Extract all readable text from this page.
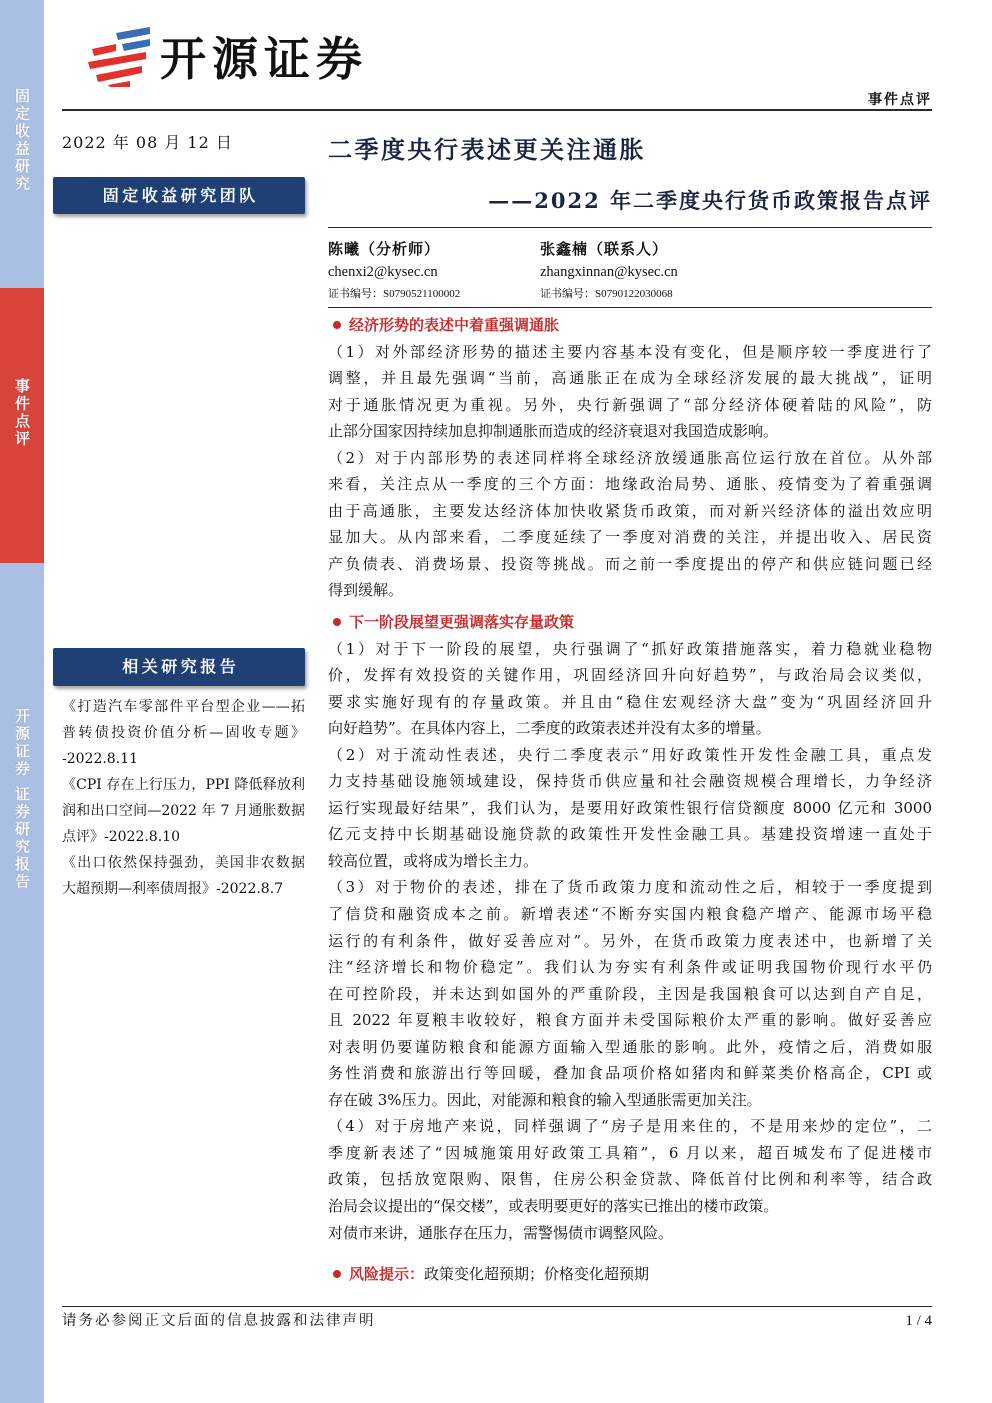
固定收益研究
事件点评
开源证券 证券研究报告
开源证券
事件点评
2022 年 08 月 12 日
固定收益研究团队
相关研究报告
《打造汽车零部件平台型企业——拓
普转债投资价值分析—固收专题》
-2022.8.11
《CPI 存在上行压力，PPI 降低释放利
润和出口空间—2022 年 7 月通胀数据
点评》-2022.8.10
《出口依然保持强劲，美国非农数据
大超预期—利率债周报》-2022.8.7
二季度央行表述更关注通胀
——2022 年二季度央行货币政策报告点评
陈曦（分析师）
chenxi2@kysec.cn
证书编号：S0790521100002
张鑫楠（联系人）
zhangxinnan@kysec.cn
证书编号：S0790122030068
经济形势的表述中着重强调通胀
（1）对外部经济形势的描述主要内容基本没有变化，但是顺序较一季度进行了
调整，并且最先强调“当前，高通胀正在成为全球经济发展的最大挑战”，证明
对于通胀情况更为重视。另外，央行新强调了“部分经济体硬着陆的风险”，防
止部分国家因持续加息抑制通胀而造成的经济衰退对我国造成影响。
（2）对于内部形势的表述同样将全球经济放缓通胀高位运行放在首位。从外部
来看，关注点从一季度的三个方面：地缘政治局势、通胀、疫情变为了着重强调
由于高通胀，主要发达经济体加快收紧货币政策，而对新兴经济体的溢出效应明
显加大。从内部来看，二季度延续了一季度对消费的关注，并提出收入、居民资
产负债表、消费场景、投资等挑战。而之前一季度提出的停产和供应链问题已经
得到缓解。
下一阶段展望更强调落实存量政策
（1）对于下一阶段的展望，央行强调了“抓好政策措施落实，着力稳就业稳物
价，发挥有效投资的关键作用，巩固经济回升向好趋势”，与政治局会议类似，
要求实施好现有的存量政策。并且由“稳住宏观经济大盘”变为“巩固经济回升
向好趋势”。在具体内容上，二季度的政策表述并没有太多的增量。
（2）对于流动性表述，央行二季度表示“用好政策性开发性金融工具，重点发
力支持基础设施领域建设，保持货币供应量和社会融资规模合理增长，力争经济
运行实现最好结果”，我们认为，是要用好政策性银行信贷额度 8000 亿元和 3000
亿元支持中长期基础设施贷款的政策性开发性金融工具。基建投资增速一直处于
较高位置，或将成为增长主力。
（3）对于物价的表述，排在了货币政策力度和流动性之后，相较于一季度提到
了信贷和融资成本之前。新增表述“不断夯实国内粮食稳产增产、能源市场平稳
运行的有利条件，做好妥善应对”。另外，在货币政策力度表述中，也新增了关
注“经济增长和物价稳定”。我们认为夯实有利条件或证明我国物价现行水平仍
在可控阶段，并未达到如国外的严重阶段，主因是我国粮食可以达到自产自足，
且 2022 年夏粮丰收较好，粮食方面并未受国际粮价太严重的影响。做好妥善应
对表明仍要谨防粮食和能源方面输入型通胀的影响。此外，疫情之后，消费如服
务性消费和旅游出行等回暖，叠加食品项价格如猪肉和鲜菜类价格高企，CPI 或
存在破 3%压力。因此，对能源和粮食的输入型通胀需更加关注。
（4）对于房地产来说，同样强调了“房子是用来住的，不是用来炒的定位”，二
季度新表述了“因城施策用好政策工具箱”，6 月以来，超百城发布了促进楼市
政策，包括放宽限购、限售，住房公积金贷款、降低首付比例和利率等，结合政
治局会议提出的“保交楼”，或表明要更好的落实已推出的楼市政策。
对债市来讲，通胀存在压力，需警惕债市调整风险。
风险提示：政策变化超预期；价格变化超预期
请务必参阅正文后面的信息披露和法律声明	1 / 4
